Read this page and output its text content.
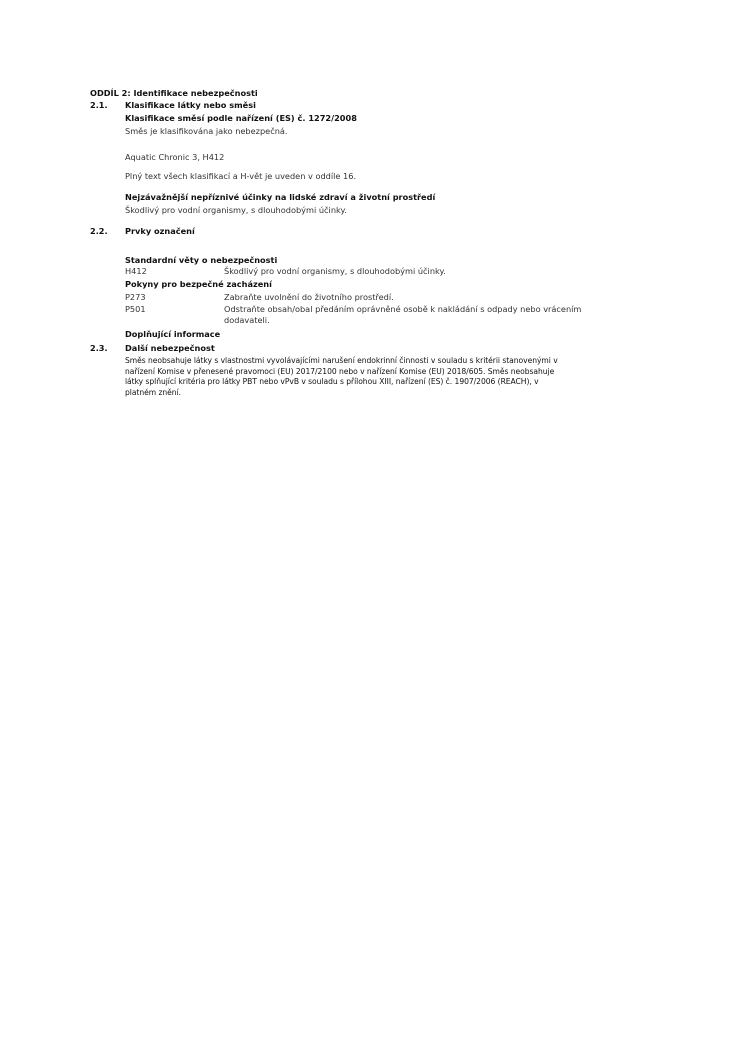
ODDÍL 2: Identifikace nebezpečnosti
2.1. Klasifikace látky nebo směsi
Klasifikace směsí podle nařízení (ES) č. 1272/2008
Směs je klasifikována jako nebezpečná.
Aquatic Chronic 3, H412
Plný text všech klasifikací a H-vět je uveden v oddíle 16.
Nejzávažnější nepříznivé účinky na lidské zdraví a životní prostředí
Škodlivý pro vodní organismy, s dlouhodobými účinky.
2.2. Prvky označení
Standardní věty o nebezpečnosti
H412	Škodlivý pro vodní organismy, s dlouhodobými účinky.
Pokyny pro bezpečné zacházení
P273	Zabraňte uvolnění do životního prostředí.
P501	Odstraňte obsah/obal předáním oprávněné osobě k nakládání s odpady nebo vrácením
dodavateli.
Doplňující informace
2.3. Další nebezpečnost
Směs neobsahuje látky s vlastnostmi vyvolávajícími narušení endokrinní činnosti v souladu s kritérii stanovenými v
nařízení Komise v přenesené pravomoci (EU) 2017/2100 nebo v nařízení Komise (EU) 2018/605. Směs neobsahuje
látky splňující kritéria pro látky PBT nebo vPvB v souladu s přílohou XIII, nařízení (ES) č. 1907/2006 (REACH), v
platném znění.
